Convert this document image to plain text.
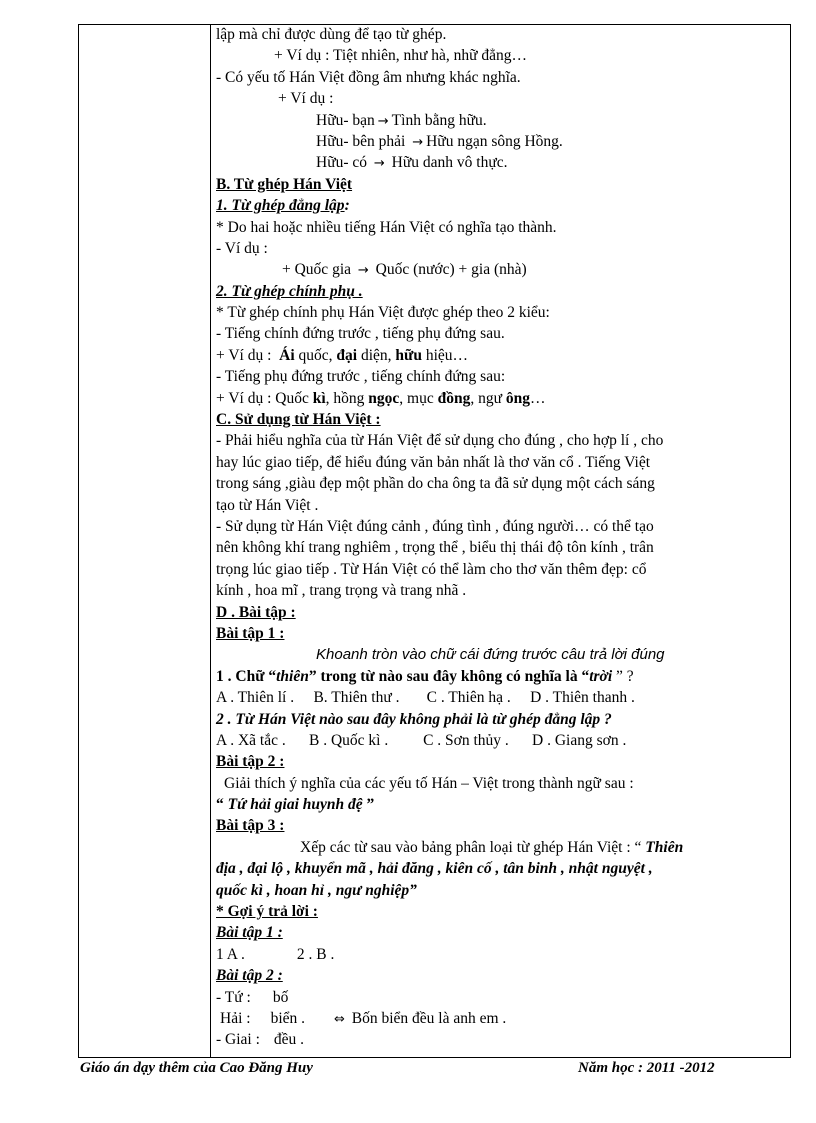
lập mà chỉ được dùng để tạo từ ghép.
+ Ví dụ : Tiệt nhiên, như hà, nhữ đẳng…
- Có yếu tố Hán Việt đồng âm nhưng khác nghĩa.
+ Ví dụ :
Hữu- bạn → Tình bằng hữu.
Hữu- bên phải → Hữu ngạn sông Hồng.
Hữu- có → Hữu danh vô thực.
B. Từ ghép Hán Việt
1. Từ ghép đẳng lập:
* Do hai hoặc nhiều tiếng Hán Việt có nghĩa tạo thành.
- Ví dụ :
+ Quốc gia → Quốc (nước) + gia (nhà)
2. Từ ghép chính phụ .
* Từ ghép chính phụ Hán Việt được ghép theo 2 kiểu:
- Tiếng chính đứng trước , tiếng phụ đứng sau.
+ Ví dụ : Ái quốc, đại diện, hữu hiệu…
- Tiếng phụ đứng trước , tiếng chính đứng sau:
+ Ví dụ : Quốc kì, hồng ngọc, mục đồng, ngư ông…
C. Sử dụng từ Hán Việt :
- Phải hiểu nghĩa của từ Hán Việt để sử dụng cho đúng , cho hợp lí , cho
hay lúc giao tiếp, để hiểu đúng văn bản nhất là thơ văn cổ . Tiếng Việt
trong sáng ,giàu đẹp một phần do cha ông ta đã sử dụng một cách sáng
tạo từ Hán Việt .
- Sử dụng từ Hán Việt đúng cảnh , đúng tình , đúng người… có thể tạo
nên không khí trang nghiêm , trọng thể , biểu thị thái độ tôn kính , trân
trọng lúc giao tiếp . Từ Hán Việt có thể làm cho thơ văn thêm đẹp: cổ
kính , hoa mĩ , trang trọng và trang nhã .
D . Bài tập :
Bài tập 1 :
Khoanh tròn vào chữ cái đứng trước câu trả lời đúng
1 . Chữ “thiên” trong từ nào sau đây không có nghĩa là “trời ” ?
A . Thiên lí .     B. Thiên thư .       C . Thiên hạ .     D . Thiên thanh .
2 . Từ Hán Việt nào sau đây không phải là từ ghép đẳng lập ?
A . Xã tắc .      B . Quốc kì .         C . Sơn thủy .      D . Giang sơn .
Bài tập 2 :
Giải thích ý nghĩa của các yếu tố Hán – Việt trong thành ngữ sau :
“ Tứ hải giai huynh đệ ”
Bài tập 3 :
Xếp các từ sau vào bảng phân loại từ ghép Hán Việt : “ Thiên
địa , đại lộ , khuyển mã , hải đăng , kiên cố , tân binh , nhật nguyệt ,
quốc kì , hoan hỉ , ngư nghiệp”
* Gợi ý trả lời :
Bài tập 1 :
1 A .	2 . B .
Bài tập 2 :
- Tứ : bố
Hải : biển . ⇔ Bốn biển đều là anh em .
- Giai : đều .
Giáo án dạy thêm của Cao Đăng Huy	Năm học : 2011 -2012
